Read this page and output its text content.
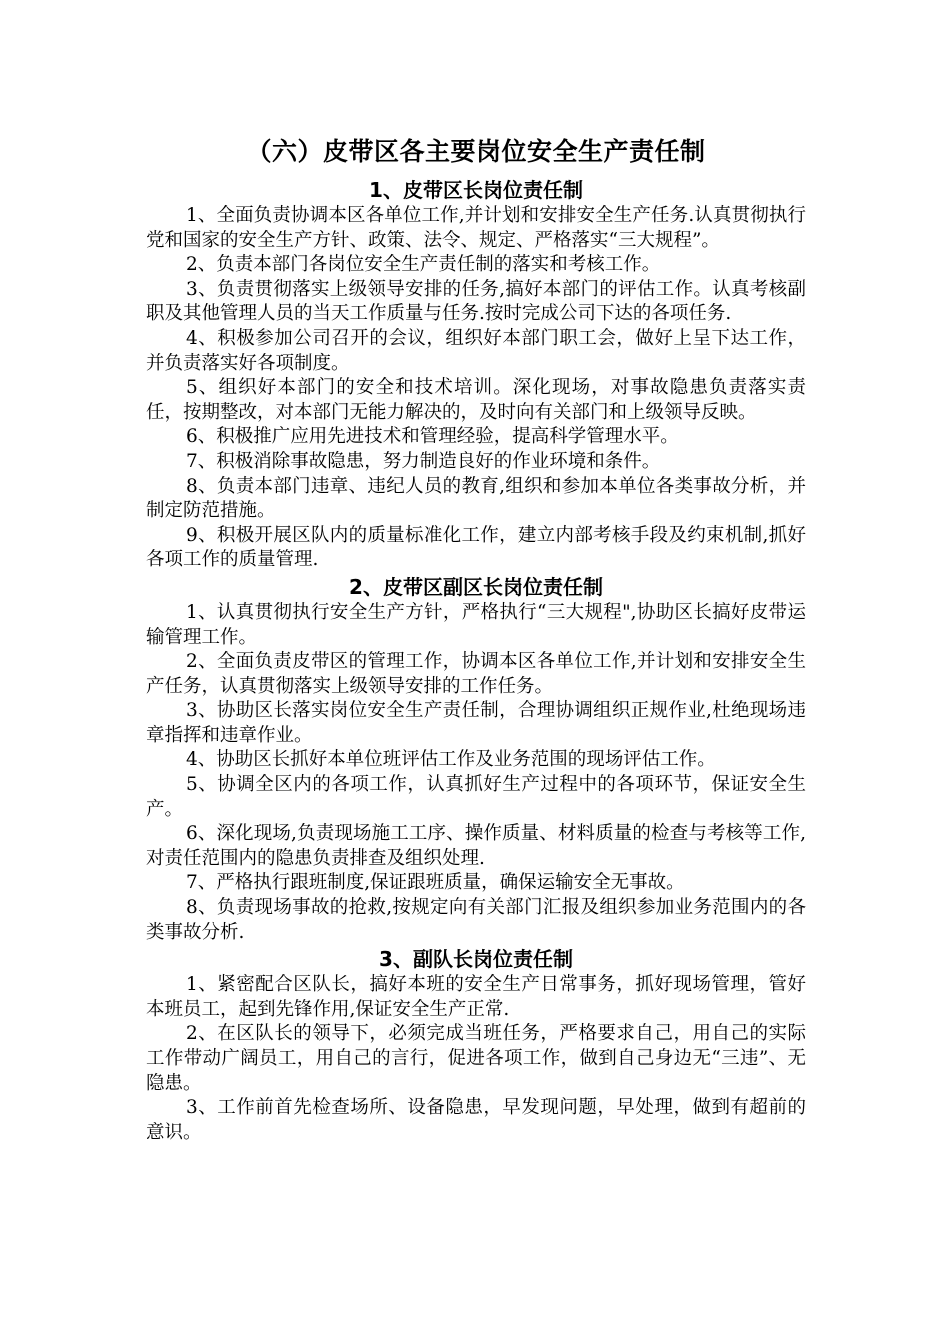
（六）皮带区各主要岗位安全生产责任制
1、皮带区长岗位责任制

1、全面负责协调本区各单位工作,并计划和安排安全生产任务.认真贯彻执行党和国家的安全生产方针、政策、法令、规定、严格落实“三大规程”。

2、负责本部门各岗位安全生产责任制的落实和考核工作。

3、负责贯彻落实上级领导安排的任务,搞好本部门的评估工作。认真考核副职及其他管理人员的当天工作质量与任务.按时完成公司下达的各项任务.

4、积极参加公司召开的会议，组织好本部门职工会，做好上呈下达工作，并负责落实好各项制度。

5、组织好本部门的安全和技术培训。深化现场，对事故隐患负责落实责任，按期整改，对本部门无能力解决的，及时向有关部门和上级领导反映。

6、积极推广应用先进技术和管理经验，提高科学管理水平。

7、积极消除事故隐患，努力制造良好的作业环境和条件。

8、负责本部门违章、违纪人员的教育,组织和参加本单位各类事故分析，并制定防范措施。

9、积极开展区队内的质量标准化工作，建立内部考核手段及约束机制,抓好各项工作的质量管理.

2、皮带区副区长岗位责任制

1、认真贯彻执行安全生产方针，严格执行“三大规程",协助区长搞好皮带运输管理工作。

2、全面负责皮带区的管理工作，协调本区各单位工作,并计划和安排安全生产任务，认真贯彻落实上级领导安排的工作任务。

3、协助区长落实岗位安全生产责任制，合理协调组织正规作业,杜绝现场违章指挥和违章作业。

4、协助区长抓好本单位班评估工作及业务范围的现场评估工作。

5、协调全区内的各项工作，认真抓好生产过程中的各项环节，保证安全生产。

6、深化现场,负责现场施工工序、操作质量、材料质量的检查与考核等工作,对责任范围内的隐患负责排查及组织处理.

7、严格执行跟班制度,保证跟班质量，确保运输安全无事故。

8、负责现场事故的抢救,按规定向有关部门汇报及组织参加业务范围内的各类事故分析.

3、副队长岗位责任制

1、紧密配合区队长，搞好本班的安全生产日常事务，抓好现场管理，管好本班员工，起到先锋作用,保证安全生产正常.

2、在区队长的领导下，必须完成当班任务，严格要求自己，用自己的实际工作带动广阔员工，用自己的言行，促进各项工作，做到自己身边无“三违”、无隐患。

3、工作前首先检查场所、设备隐患，早发现问题，早处理，做到有超前的意识。
